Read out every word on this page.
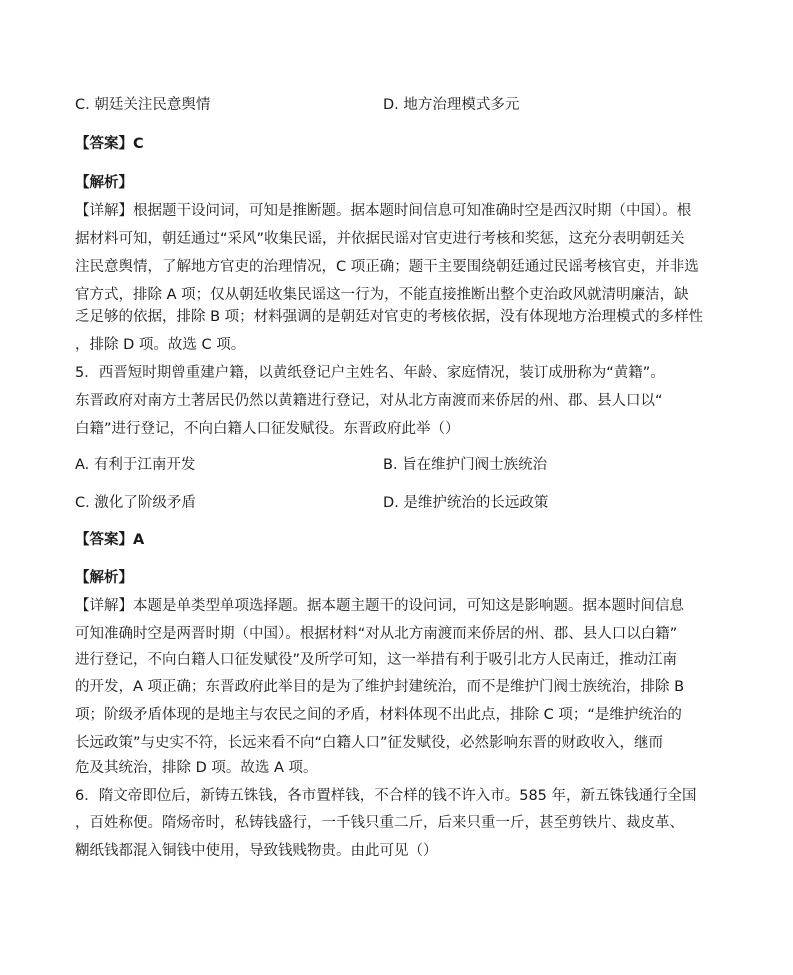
C. 朝廷关注民意舆情	D. 地方治理模式多元
【答案】C
【解析】
【详解】根据题干设问词，可知是推断题。据本题时间信息可知准确时空是西汉时期（中国）。根
据材料可知，朝廷通过“采风”收集民谣，并依据民谣对官吏进行考核和奖惩，这充分表明朝廷关
注民意舆情，了解地方官吏的治理情况，C 项正确；题干主要围绕朝廷通过民谣考核官吏，并非选
官方式，排除 A 项；仅从朝廷收集民谣这一行为，不能直接推断出整个吏治政风就清明廉洁，缺
乏足够的依据，排除 B 项；材料强调的是朝廷对官吏的考核依据，没有体现地方治理模式的多样性
，排除 D 项。故选 C 项。
5．西晋短时期曾重建户籍，以黄纸登记户主姓名、年龄、家庭情况，装订成册称为“黄籍”。
东晋政府对南方土著居民仍然以黄籍进行登记，对从北方南渡而来侨居的州、郡、县人口以“
白籍”进行登记，不向白籍人口征发赋役。东晋政府此举（）
A. 有利于江南开发	B. 旨在维护门阀士族统治
C. 激化了阶级矛盾	D. 是维护统治的长远政策
【答案】A
【解析】
【详解】本题是单类型单项选择题。据本题主题干的设问词，可知这是影响题。据本题时间信息
可知准确时空是两晋时期（中国）。根据材料“对从北方南渡而来侨居的州、郡、县人口以白籍”
进行登记，不向白籍人口征发赋役”及所学可知，这一举措有利于吸引北方人民南迁，推动江南
的开发，A 项正确；东晋政府此举目的是为了维护封建统治，而不是维护门阀士族统治，排除 B
项；阶级矛盾体现的是地主与农民之间的矛盾，材料体现不出此点，排除 C 项；“是维护统治的
长远政策”与史实不符，长远来看不向“白籍人口”征发赋役，必然影响东晋的财政收入，继而
危及其统治，排除 D 项。故选 A 项。
6．隋文帝即位后，新铸五铢钱，各市置样钱，不合样的钱不许入市。585 年，新五铢钱通行全国
，百姓称便。隋炀帝时，私铸钱盛行，一千钱只重二斤，后来只重一斤，甚至剪铁片、裁皮革、
糊纸钱都混入铜钱中使用，导致钱贱物贵。由此可见（）
